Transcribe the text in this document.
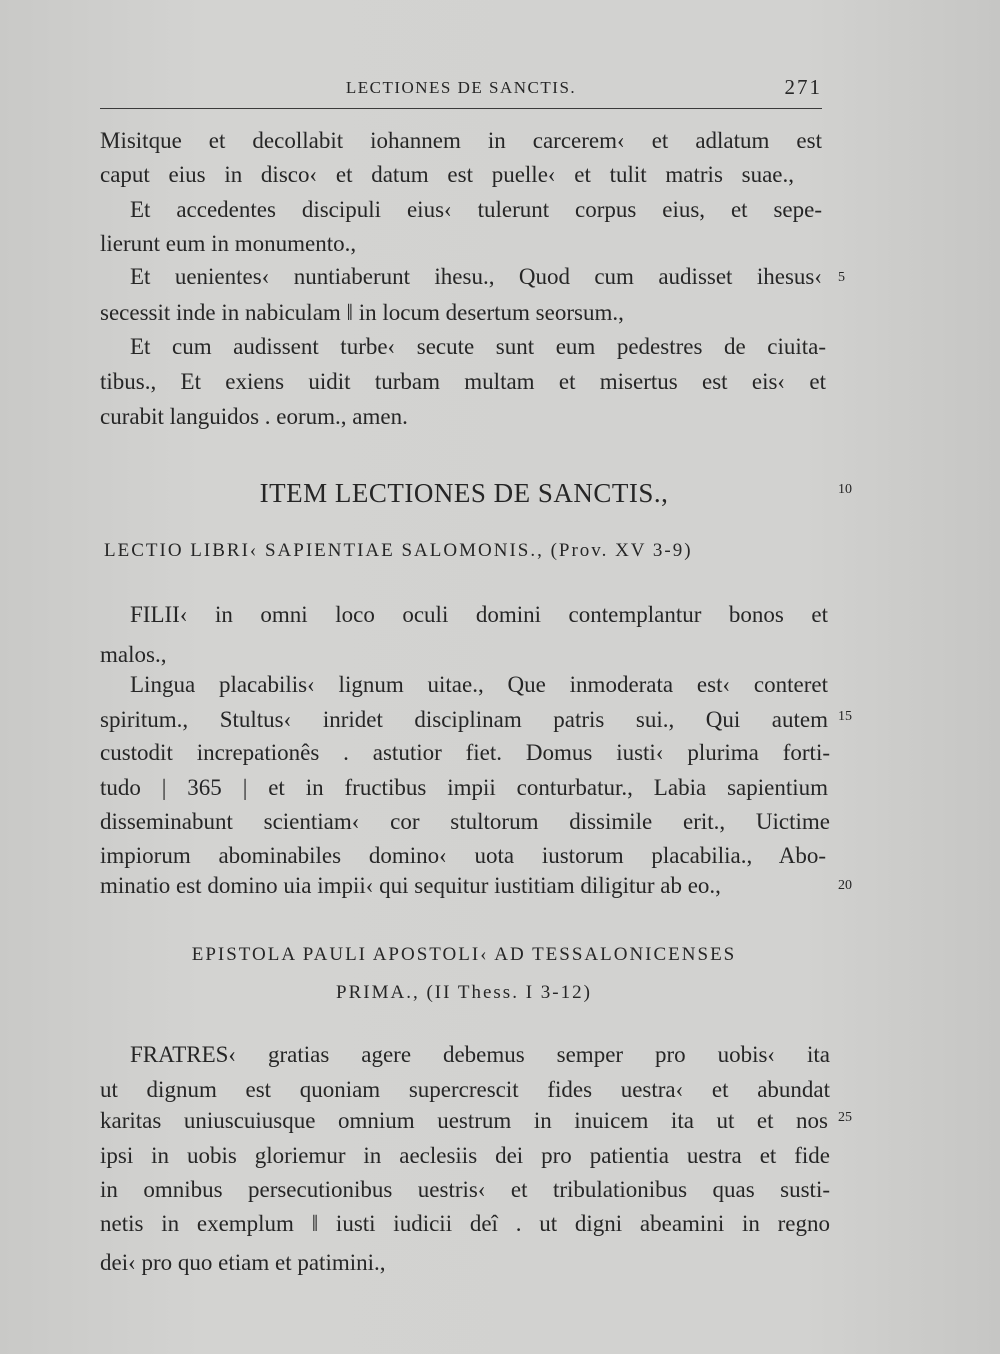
LECTIONES DE SANCTIS.	271
Misitque et decollabit iohannem in carcerem‹ et adlatum est
caput eius in disco‹ et datum est puelle‹ et tulit matris suae.,
Et accedentes discipuli eius‹ tulerunt corpus eius, et sepe-
lierunt eum in monumento.,
Et uenientes‹ nuntiaberunt ihesu., Quod cum audisset ihesus‹ 5
secessit inde in nabiculam ‖ in locum desertum seorsum.,
Et cum audissent turbe‹ secute sunt eum pedestres de ciuita-
tibus., Et exiens uidit turbam multam et misertus est eis‹ et
curabit languidos . eorum., amen.
ITEM LECTIONES DE SANCTIS.,	10
LECTIO LIBRI‹ SAPIENTIAE SALOMONIS., (Prov. XV 3-9)
FILII‹ in omni loco oculi domini contemplantur bonos et
malos.,
Lingua placabilis‹ lignum uitae., Que inmoderata est‹ conteret
spiritum., Stultus‹ inridet disciplinam patris sui., Qui autem 15
custodit increpationês . astutior fiet. Domus iusti‹ plurima forti-
tudo | 365 | et in fructibus impii conturbatur., Labia sapientium
disseminabunt scientiam‹ cor stultorum dissimile erit., Uictime
impiorum abominabiles domino‹ uota iustorum placabilia., Abo-
minatio est domino uia impii‹ qui sequitur iustitiam diligitur ab eo.,	20
EPISTOLA PAULI APOSTOLI‹ AD TESSALONICENSES
PRIMA., (II Thess. I 3-12)
FRATRES‹ gratias agere debemus semper pro uobis‹ ita
ut dignum est quoniam supercrescit fides uestra‹ et abundat
karitas uniuscuiusque omnium uestrum in inuicem ita ut et nos 25
ipsi in uobis gloriemur in aeclesiis dei pro patientia uestra et fide
in omnibus persecutionibus uestris‹ et tribulationibus quas susti-
netis in exemplum ‖ iusti iudicii deî . ut digni abeamini in regno
dei‹ pro quo etiam et patimini.,
